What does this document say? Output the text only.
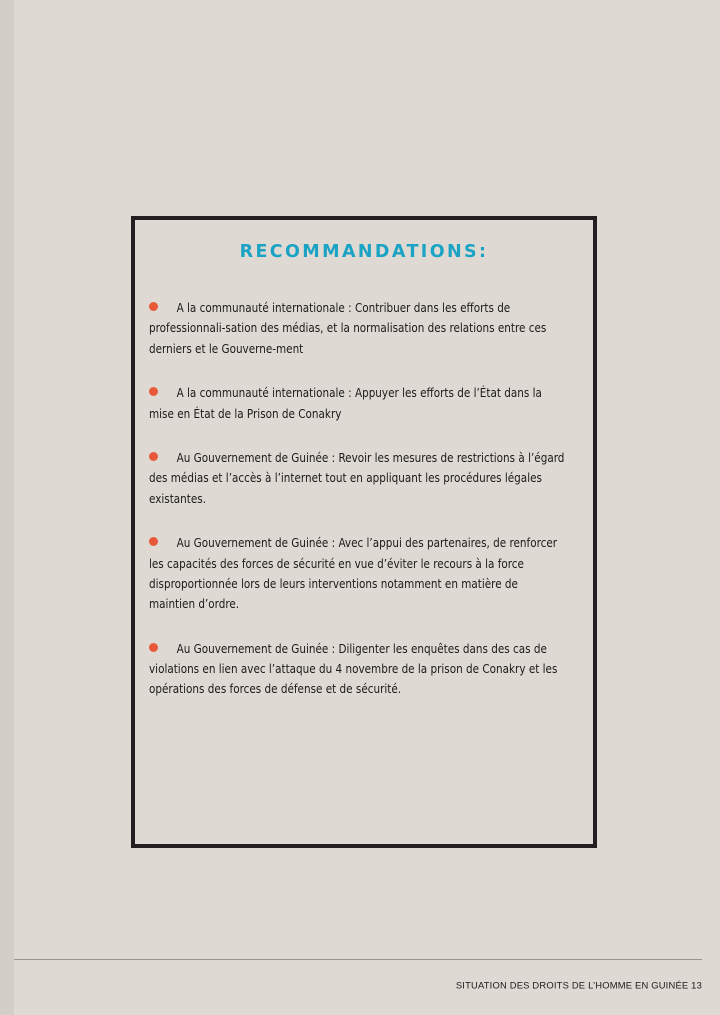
RECOMMANDATIONS:

A la communauté internationale : Contribuer dans les efforts de professionnali-sation des médias, et la normalisation des relations entre ces derniers et le Gouverne-ment

A la communauté internationale : Appuyer les efforts de l’État dans la mise en État de la Prison de Conakry

Au Gouvernement de Guinée : Revoir les mesures de restrictions à l’égard des médias et l’accès à l’internet tout en appliquant les procédures légales existantes.

Au Gouvernement de Guinée : Avec l’appui des partenaires, de renforcer les capacités des forces de sécurité en vue d’éviter le recours à la force disproportionnée lors de leurs interventions notamment en matière de maintien d’ordre.

Au Gouvernement de Guinée : Diligenter les enquêtes dans des cas de violations en lien avec l’attaque du 4 novembre de la prison de Conakry et les opérations des forces de défense et de sécurité.

SITUATION DES DROITS DE L’HOMME EN GUINÉE 13
